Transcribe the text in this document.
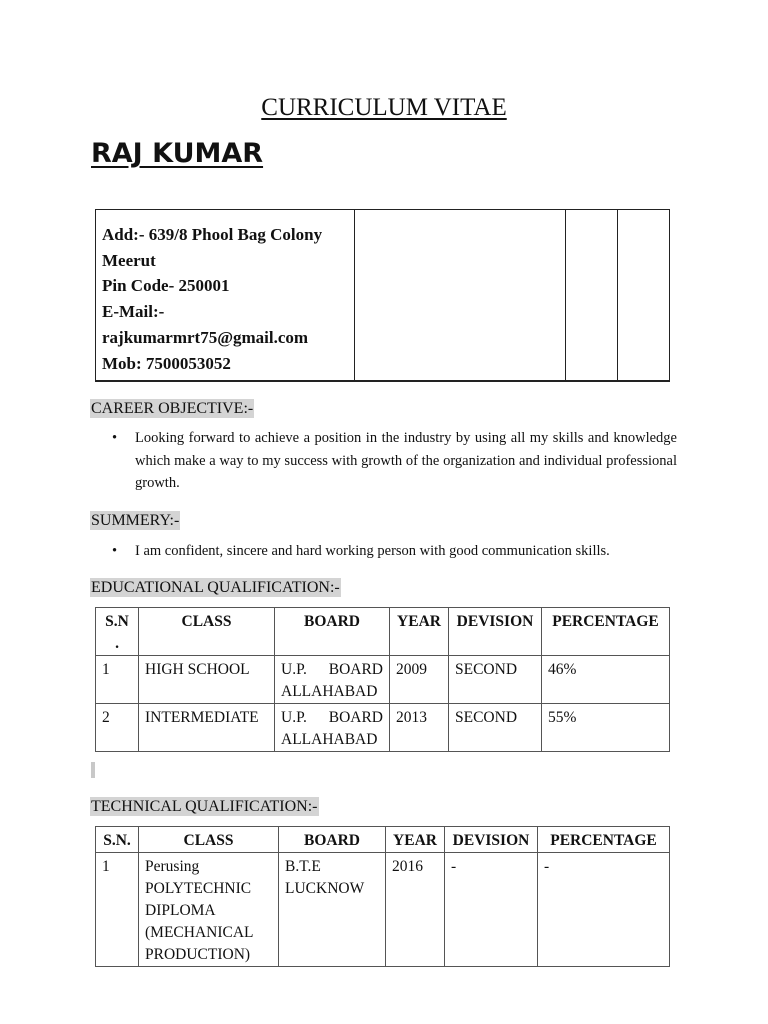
CURRICULUM VITAE
RAJ KUMAR
Add:- 639/8 Phool Bag Colony
Meerut
Pin Code- 250001
E-Mail:-
rajkumarmrt75@gmail.com
Mob: 7500053052

CAREER OBJECTIVE:-
• Looking forward to achieve a position in the industry by using all my skills and knowledge which make a way to my success with growth of the organization and individual professional growth.
SUMMERY:-
• I am confident, sincere and hard working person with good communication skills.
EDUCATIONAL QUALIFICATION:-
S.N .	CLASS	BOARD	YEAR	DEVISION	PERCENTAGE
1	HIGH SCHOOL	U.P. BOARD ALLAHABAD	2009	SECOND	46%
2	INTERMEDIATE	U.P. BOARD ALLAHABAD	2013	SECOND	55%
TECHNICAL QUALIFICATION:-
S.N.	CLASS	BOARD	YEAR	DEVISION	PERCENTAGE
1	Perusing POLYTECHNIC DIPLOMA (MECHANICAL PRODUCTION)	B.T.E LUCKNOW	2016	-	-
